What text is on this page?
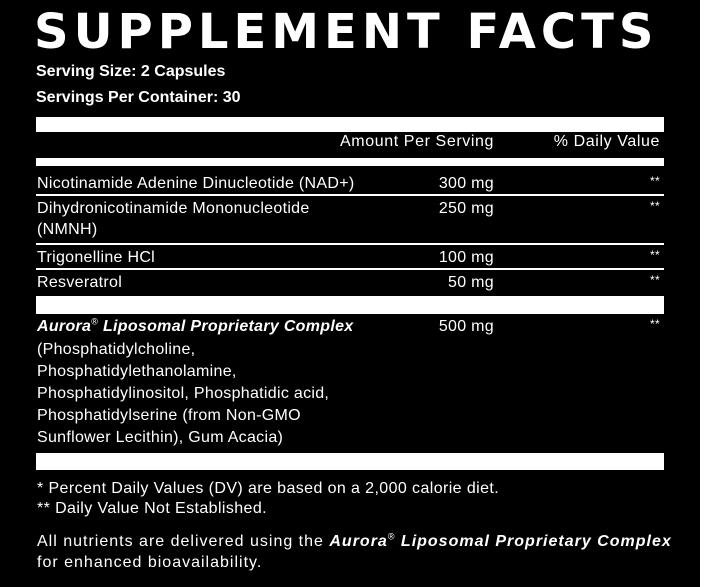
SUPPLEMENT FACTS
Serving Size: 2 Capsules
Servings Per Container: 30
Amount Per Serving	% Daily Value
Nicotinamide Adenine Dinucleotide (NAD+)	300 mg	**
Dihydronicotinamide Mononucleotide
(NMNH)
250 mg	**
Trigonelline HCl	100 mg	**
Resveratrol	50 mg	**
Aurora® Liposomal Proprietary Complex	500 mg	**
(Phosphatidylcholine,
Phosphatidylethanolamine,
Phosphatidylinositol, Phosphatidic acid,
Phosphatidylserine (from Non-GMO
Sunflower Lecithin), Gum Acacia)
* Percent Daily Values (DV) are based on a 2,000 calorie diet.
** Daily Value Not Established.
All nutrients are delivered using the Aurora® Liposomal Proprietary Complex for enhanced bioavailability.
